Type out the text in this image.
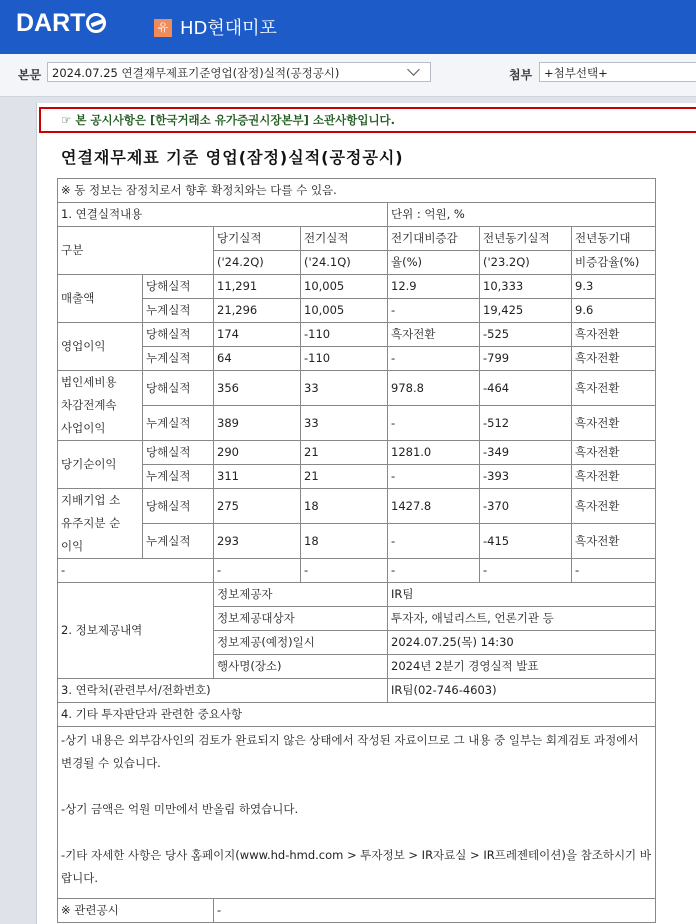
DART	유 HD현대미포
본문 2024.07.25 연결재무제표기준영업(잠정)실적(공정공시)	첨부	+첨부선택+
☞ 본 공시사항은 [한국거래소 유가증권시장본부] 소관사항입니다.
연결재무제표 기준 영업(잠정)실적(공정공시)
※ 동 정보는 잠정치로서 향후 확정치와는 다를 수 있음.						
1. 연결실적내용				단위 : 억원, %		
구분		당기실적	전기실적	전기대비증감	전년동기실적	전년동기대
		('24.2Q)	('24.1Q)	율(%)	('23.2Q)	비증감율(%)
매출액	당해실적	11,291	10,005	12.9	10,333	9.3
	누계실적	21,296	10,005	-	19,425	9.6
영업이익	당해실적	174	-110	흑자전환	-525	흑자전환
	누계실적	64	-110	-	-799	흑자전환
법인세비용
차감전계속
사업이익	당해실적	356	33	978.8	-464	흑자전환
	누계실적	389	33	-	-512	흑자전환
당기순이익	당해실적	290	21	1281.0	-349	흑자전환
	누계실적	311	21	-	-393	흑자전환
지배기업 소
유주지분 순
이익	당해실적	275	18	1427.8	-370	흑자전환
	누계실적	293	18	-	-415	흑자전환
-		-	-	-	-	-
2. 정보제공내역		정보제공자		IR팀		
		정보제공대상자		투자자, 애널리스트, 언론기관 등		
		정보제공(예정)일시		2024.07.25(목) 14:30		
		행사명(장소)		2024년 2분기 경영실적 발표		
3. 연락처(관련부서/전화번호)				IR팀(02-746-4603)		
4. 기타 투자판단과 관련한 중요사항						

-상기 내용은 외부감사인의 검토가 완료되지 않은 상태에서 작성된 자료이므로 그 내용 중 일부는 회계검토 과정에서 변경될 수 있습니다.
-상기 금액은 억원 미만에서 반올림 하였습니다.
-기타 자세한 사항은 당사 홈페이지(www.hd-hmd.com > 투자정보 > IR자료실 > IR프레젠테이션)을 참조하시기 바랍니다.						

※ 관련공시		-				
